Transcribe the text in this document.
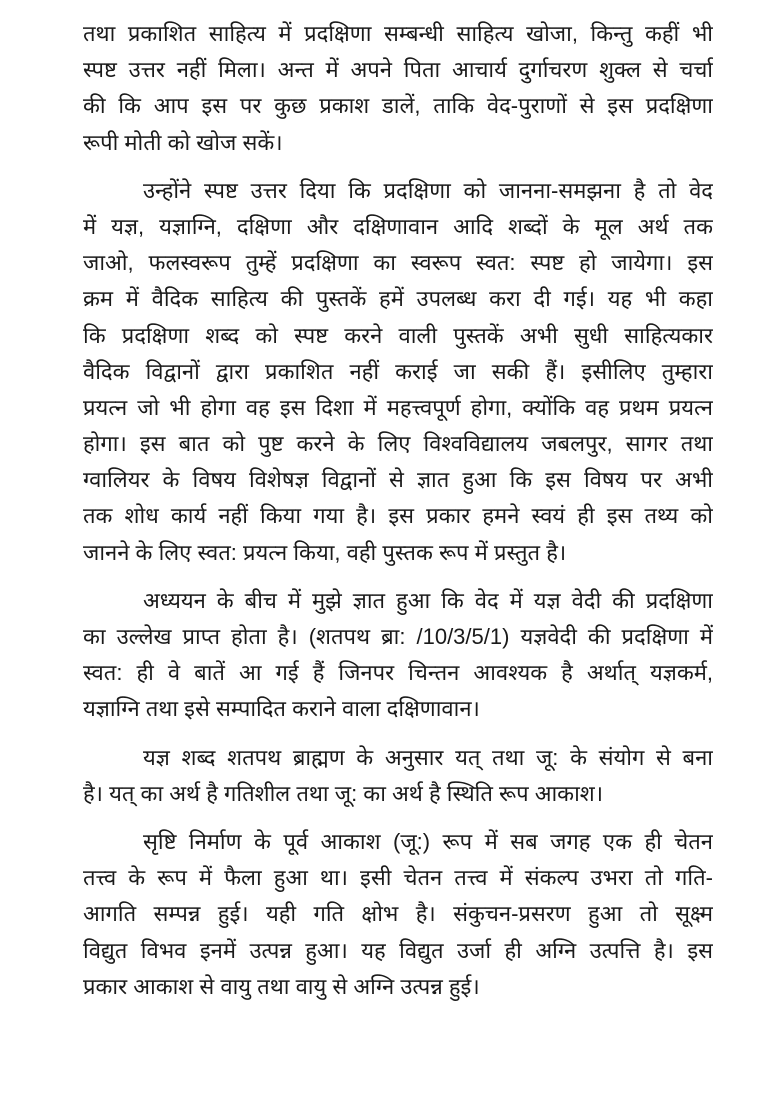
तथा प्रकाशित साहित्य में प्रदक्षिणा सम्बन्धी साहित्य खोजा, किन्तु कहीं भी
स्पष्ट उत्तर नहीं मिला। अन्त में अपने पिता आचार्य दुर्गाचरण शुक्ल से चर्चा
की कि आप इस पर कुछ प्रकाश डालें, ताकि वेद-पुराणों से इस प्रदक्षिणा
रूपी मोती को खोज सकें।
उन्होंने स्पष्ट उत्तर दिया कि प्रदक्षिणा को जानना-समझना है तो वेद
में यज्ञ, यज्ञाग्नि, दक्षिणा और दक्षिणावान आदि शब्दों के मूल अर्थ तक
जाओ, फलस्वरूप तुम्हें प्रदक्षिणा का स्वरूप स्वत: स्पष्ट हो जायेगा। इस
क्रम में वैदिक साहित्य की पुस्तकें हमें उपलब्ध करा दी गई। यह भी कहा
कि प्रदक्षिणा शब्द को स्पष्ट करने वाली पुस्तकें अभी सुधी साहित्यकार
वैदिक विद्वानों द्वारा प्रकाशित नहीं कराई जा सकी हैं। इसीलिए तुम्हारा
प्रयत्न जो भी होगा वह इस दिशा में महत्त्वपूर्ण होगा, क्योंकि वह प्रथम प्रयत्न
होगा। इस बात को पुष्ट करने के लिए विश्वविद्यालय जबलपुर, सागर तथा
ग्वालियर के विषय विशेषज्ञ विद्वानों से ज्ञात हुआ कि इस विषय पर अभी
तक शोध कार्य नहीं किया गया है। इस प्रकार हमने स्वयं ही इस तथ्य को
जानने के लिए स्वत: प्रयत्न किया, वही पुस्तक रूप में प्रस्तुत है।
अध्ययन के बीच में मुझे ज्ञात हुआ कि वेद में यज्ञ वेदी की प्रदक्षिणा
का उल्लेख प्राप्त होता है। (शतपथ ब्रा: /10/3/5/1) यज्ञवेदी की प्रदक्षिणा में
स्वत: ही वे बातें आ गई हैं जिनपर चिन्तन आवश्यक है अर्थात् यज्ञकर्म,
यज्ञाग्नि तथा इसे सम्पादित कराने वाला दक्षिणावान।
यज्ञ शब्द शतपथ ब्राह्मण के अनुसार यत् तथा जू: के संयोग से बना
है। यत् का अर्थ है गतिशील तथा जू: का अर्थ है स्थिति रूप आकाश।
सृष्टि निर्माण के पूर्व आकाश (जू:) रूप में सब जगह एक ही चेतन
तत्त्व के रूप में फैला हुआ था। इसी चेतन तत्त्व में संकल्प उभरा तो गति-
आगति सम्पन्न हुई। यही गति क्षोभ है। संकुचन-प्रसरण हुआ तो सूक्ष्म
विद्युत विभव इनमें उत्पन्न हुआ। यह विद्युत उर्जा ही अग्नि उत्पत्ति है। इस
प्रकार आकाश से वायु तथा वायु से अग्नि उत्पन्न हुई।
